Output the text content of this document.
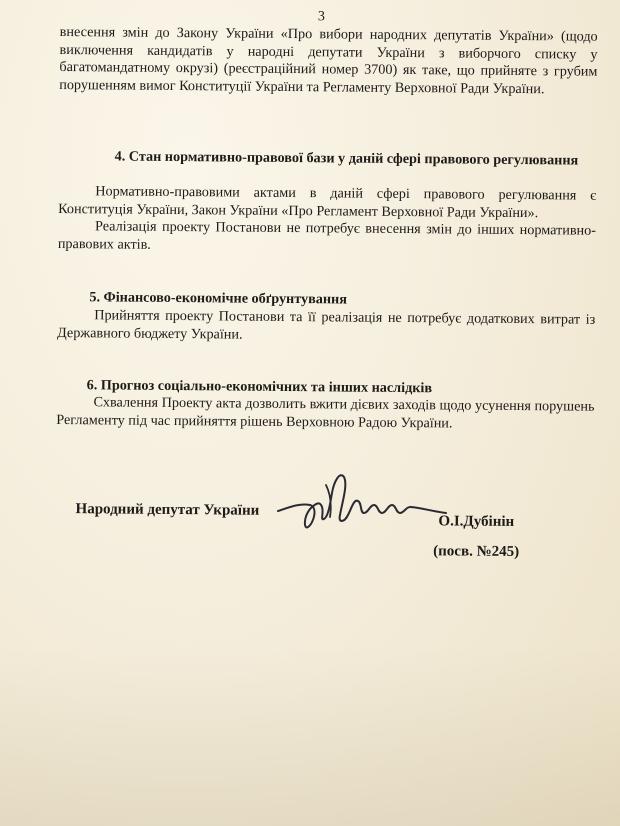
3
внесення змін до Закону України «Про вибори народних депутатів України» (щодо виключення кандидатів у народні депутати України з виборчого списку у багатомандатному окрузі) (реєстраційний номер 3700) як таке, що прийняте з грубим порушенням вимог Конституції України та Регламенту Верховної Ради України.
4. Стан нормативно-правової бази у даній сфері правового регулювання
Нормативно-правовими актами в даній сфері правового регулювання є Конституція України, Закон України «Про Регламент Верховної Ради України».
Реалізація проекту Постанови не потребує внесення змін до інших нормативно-правових актів.
5. Фінансово-економічне обґрунтування
Прийняття проекту Постанови та її реалізація не потребує додаткових витрат із Державного бюджету України.
6. Прогноз соціально-економічних та інших наслідків
Схвалення Проекту акта дозволить вжити дієвих заходів щодо усунення порушень Регламенту під час прийняття рішень Верховною Радою України.
Народний депутат України
О.І.Дубінін
(посв. №245)
